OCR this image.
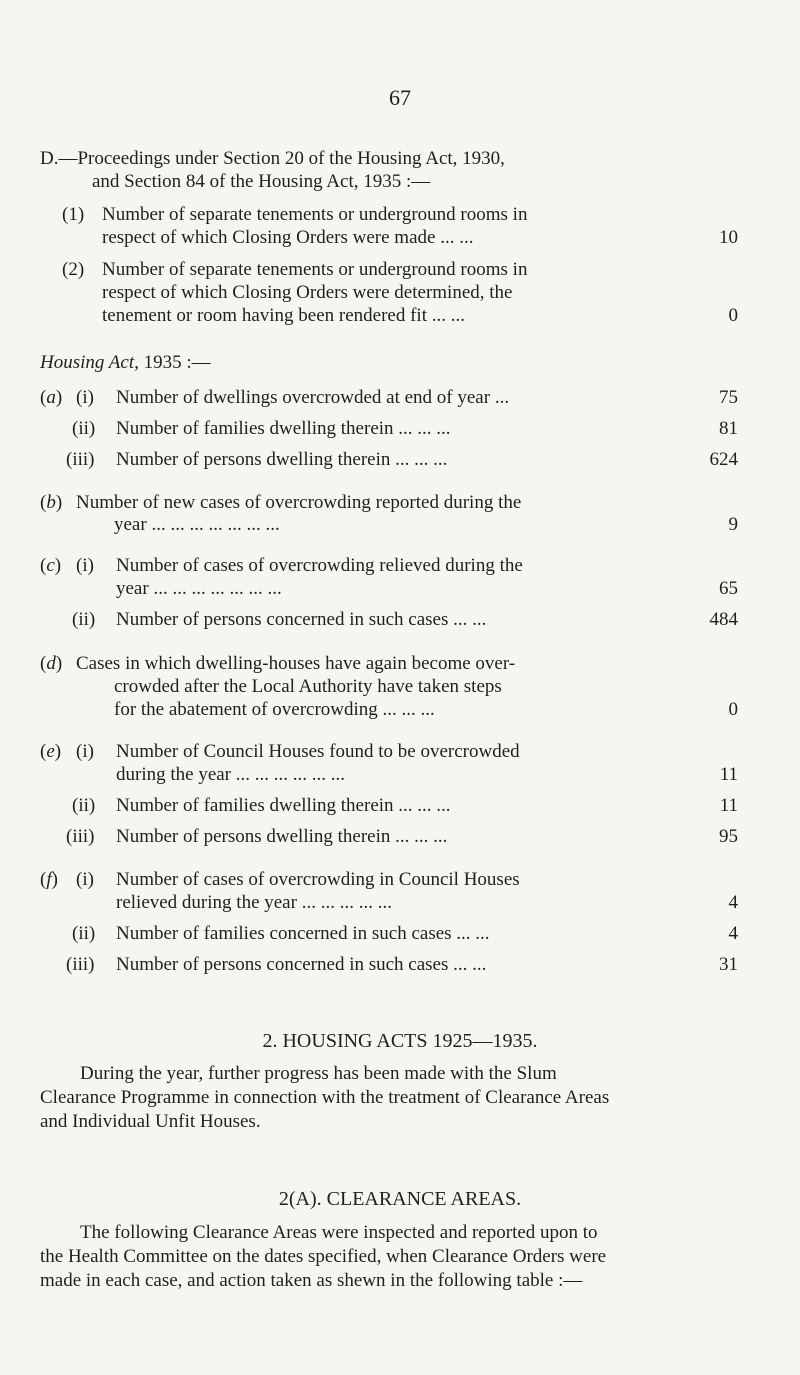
67
D.—Proceedings under Section 20 of the Housing Act, 1930,
and Section 84 of the Housing Act, 1935 :—
(1) Number of separate tenements or underground rooms in
respect of which Closing Orders were made ... ...	10
(2) Number of separate tenements or underground rooms in
respect of which Closing Orders were determined, the
tenement or room having been rendered fit ... ...	0
Housing Act, 1935 :—
(a) (i) Number of dwellings overcrowded at end of year ...	75
(ii) Number of families dwelling therein ... ... ...	81
(iii) Number of persons dwelling therein ... ... ...	624
(b) Number of new cases of overcrowding reported during the
year ... ... ... ... ... ... ...	9
(c) (i) Number of cases of overcrowding relieved during the
year ... ... ... ... ... ... ...	65
(ii) Number of persons concerned in such cases ... ...	484
(d) Cases in which dwelling-houses have again become over-
crowded after the Local Authority have taken steps
for the abatement of overcrowding ... ... ...	0
(e) (i) Number of Council Houses found to be overcrowded
during the year ... ... ... ... ... ...	11
(ii) Number of families dwelling therein ... ... ...	11
(iii) Number of persons dwelling therein ... ... ...	95
(f) (i) Number of cases of overcrowding in Council Houses
relieved during the year ... ... ... ... ...	4
(ii) Number of families concerned in such cases ... ...	4
(iii) Number of persons concerned in such cases ... ...	31
2. HOUSING ACTS 1925—1935.
During the year, further progress has been made with the Slum
Clearance Programme in connection with the treatment of Clearance Areas
and Individual Unfit Houses.
2(A). CLEARANCE AREAS.
The following Clearance Areas were inspected and reported upon to
the Health Committee on the dates specified, when Clearance Orders were
made in each case, and action taken as shewn in the following table :—
